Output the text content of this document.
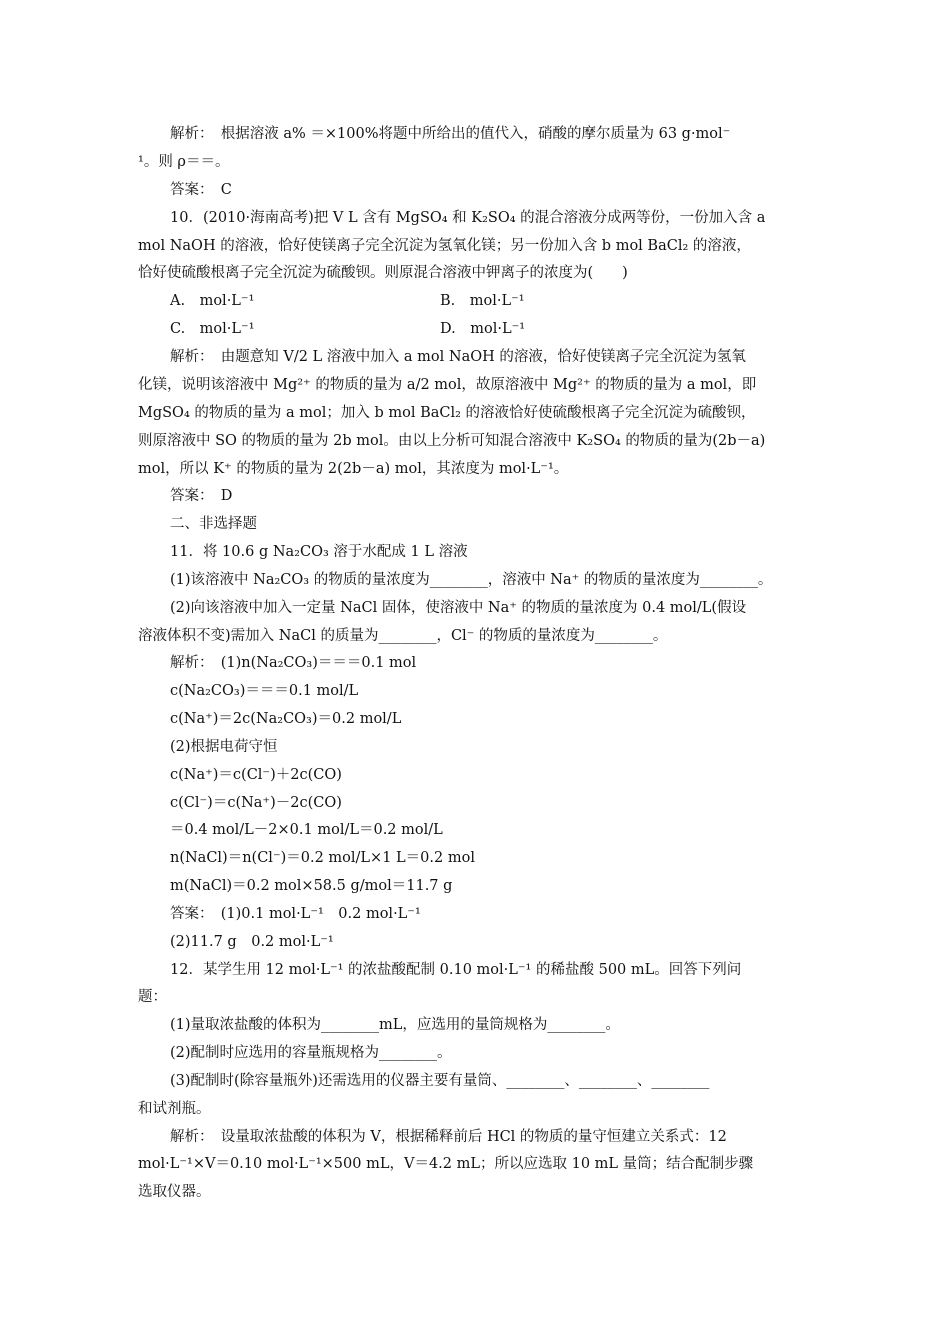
解析：　根据溶液 a% ＝×100%将题中所给出的值代入，硝酸的摩尔质量为 63 g·mol⁻
¹。则 ρ＝＝。
答案：　C
10．(2010·海南高考)把 V L 含有 MgSO₄ 和 K₂SO₄ 的混合溶液分成两等份，一份加入含 a
mol NaOH 的溶液，恰好使镁离子完全沉淀为氢氧化镁；另一份加入含 b mol BaCl₂ 的溶液，
恰好使硫酸根离子完全沉淀为硫酸钡。则原混合溶液中钾离子的浓度为(　　)
A.　mol·L⁻¹	B.　mol·L⁻¹
C.　mol·L⁻¹	D.　mol·L⁻¹
解析：　由题意知 V/2 L 溶液中加入 a mol NaOH 的溶液，恰好使镁离子完全沉淀为氢氧
化镁，说明该溶液中 Mg²⁺ 的物质的量为 a/2 mol，故原溶液中 Mg²⁺ 的物质的量为 a mol，即
MgSO₄ 的物质的量为 a mol；加入 b mol BaCl₂ 的溶液恰好使硫酸根离子完全沉淀为硫酸钡，
则原溶液中 SO 的物质的量为 2b mol。由以上分析可知混合溶液中 K₂SO₄ 的物质的量为(2b－a)
mol，所以 K⁺ 的物质的量为 2(2b－a) mol，其浓度为 mol·L⁻¹。
答案：　D
二、非选择题
11．将 10.6 g Na₂CO₃ 溶于水配成 1 L 溶液
(1)该溶液中 Na₂CO₃ 的物质的量浓度为________，溶液中 Na⁺ 的物质的量浓度为________。
(2)向该溶液中加入一定量 NaCl 固体，使溶液中 Na⁺ 的物质的量浓度为 0.4 mol/L(假设
溶液体积不变)需加入 NaCl 的质量为________，Cl⁻ 的物质的量浓度为________。
解析：　(1)n(Na₂CO₃)＝＝＝0.1 mol
c(Na₂CO₃)＝＝＝0.1 mol/L
c(Na⁺)＝2c(Na₂CO₃)＝0.2 mol/L
(2)根据电荷守恒
c(Na⁺)＝c(Cl⁻)＋2c(CO)
c(Cl⁻)＝c(Na⁺)－2c(CO)
＝0.4 mol/L－2×0.1 mol/L＝0.2 mol/L
n(NaCl)＝n(Cl⁻)＝0.2 mol/L×1 L＝0.2 mol
m(NaCl)＝0.2 mol×58.5 g/mol＝11.7 g
答案：　(1)0.1 mol·L⁻¹　0.2 mol·L⁻¹
(2)11.7 g　0.2 mol·L⁻¹
12．某学生用 12 mol·L⁻¹ 的浓盐酸配制 0.10 mol·L⁻¹ 的稀盐酸 500 mL。回答下列问
题：
(1)量取浓盐酸的体积为________mL，应选用的量筒规格为________。
(2)配制时应选用的容量瓶规格为________。
(3)配制时(除容量瓶外)还需选用的仪器主要有量筒、________、________、________
和试剂瓶。
解析：　设量取浓盐酸的体积为 V，根据稀释前后 HCl 的物质的量守恒建立关系式：12
mol·L⁻¹×V＝0.10 mol·L⁻¹×500 mL，V＝4.2 mL；所以应选取 10 mL 量筒；结合配制步骤
选取仪器。
